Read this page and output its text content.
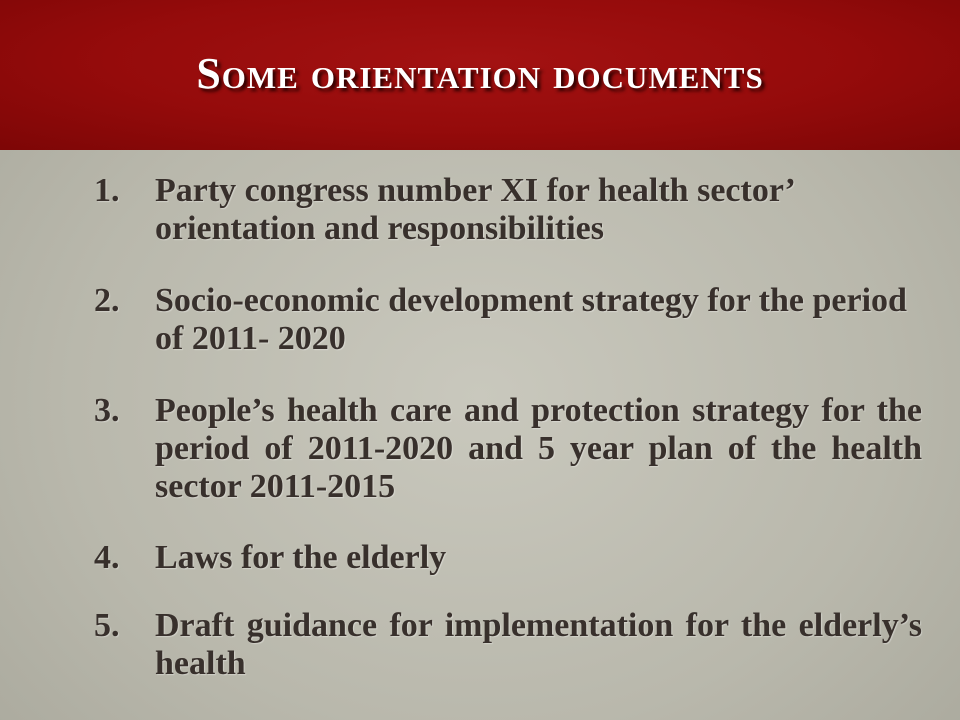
Some orientation documents
1.	Party congress number XI for health sector’ orientation and responsibilities
2.	Socio-economic development strategy for the period of 2011- 2020
3.	People’s health care and protection strategy for the period of 2011-2020 and 5 year plan of the health sector 2011-2015
4.	Laws for the elderly
5.	Draft guidance for implementation for the elderly’s health
